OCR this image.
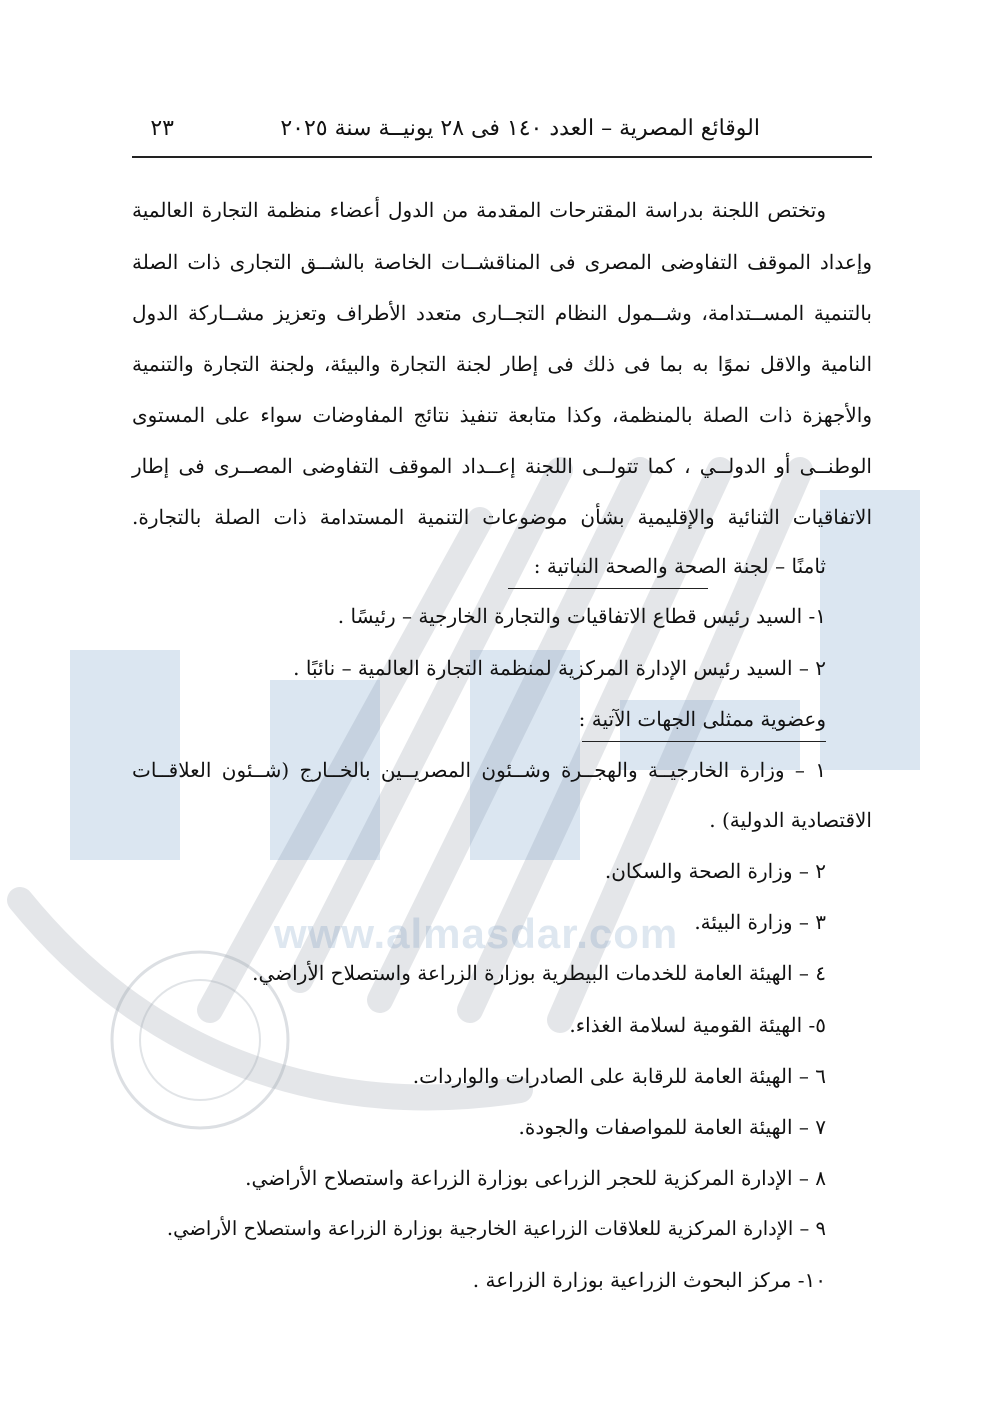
www.almasdar.com
الوقائع المصرية – العدد ١٤٠ فى ٢٨ يونيــة سنة ٢٠٢٥
٢٣
وتختص اللجنة بدراسة المقترحات المقدمة من الدول أعضاء منظمة التجارة العالمية
وإعداد الموقف التفاوضى المصرى فى المناقشــات الخاصة بالشــق التجارى ذات الصلة
بالتنمية المســتدامة، وشــمول النظام التجــارى متعدد الأطراف وتعزيز مشــاركة الدول
النامية والاقل نموًا به بما فى ذلك فى إطار لجنة التجارة والبيئة، ولجنة التجارة والتنمية
والأجهزة ذات الصلة بالمنظمة، وكذا متابعة تنفيذ نتائج المفاوضات سواء على المستوى
الوطنــى أو الدولــي ، كما تتولــى اللجنة إعــداد الموقف التفاوضى المصــرى فى إطار
الاتفاقيات الثنائية والإقليمية بشأن موضوعات التنمية المستدامة ذات الصلة بالتجارة.
ثامنًا – لجنة الصحة والصحة النباتية :
١- السيد رئيس قطاع الاتفاقيات والتجارة الخارجية – رئيسًا .
٢ – السيد رئيس الإدارة المركزية لمنظمة التجارة العالمية – نائبًا .
وعضوية ممثلى الجهات الآتية :
١ – وزارة الخارجيــة والهجــرة وشــئون المصريــين بالخــارج (شــئون العلاقــات
الاقتصادية الدولية) .
٢ – وزارة الصحة والسكان.
٣ – وزارة البيئة.
٤ – الهيئة العامة للخدمات البيطرية بوزارة الزراعة واستصلاح الأراضي.
٥- الهيئة القومية لسلامة الغذاء.
٦ – الهيئة العامة للرقابة على الصادرات والواردات.
٧ – الهيئة العامة للمواصفات والجودة.
٨ – الإدارة المركزية للحجر الزراعى بوزارة الزراعة واستصلاح الأراضي.
٩ – الإدارة المركزية للعلاقات الزراعية الخارجية بوزارة الزراعة واستصلاح الأراضي.
١٠- مركز البحوث الزراعية بوزارة الزراعة .
